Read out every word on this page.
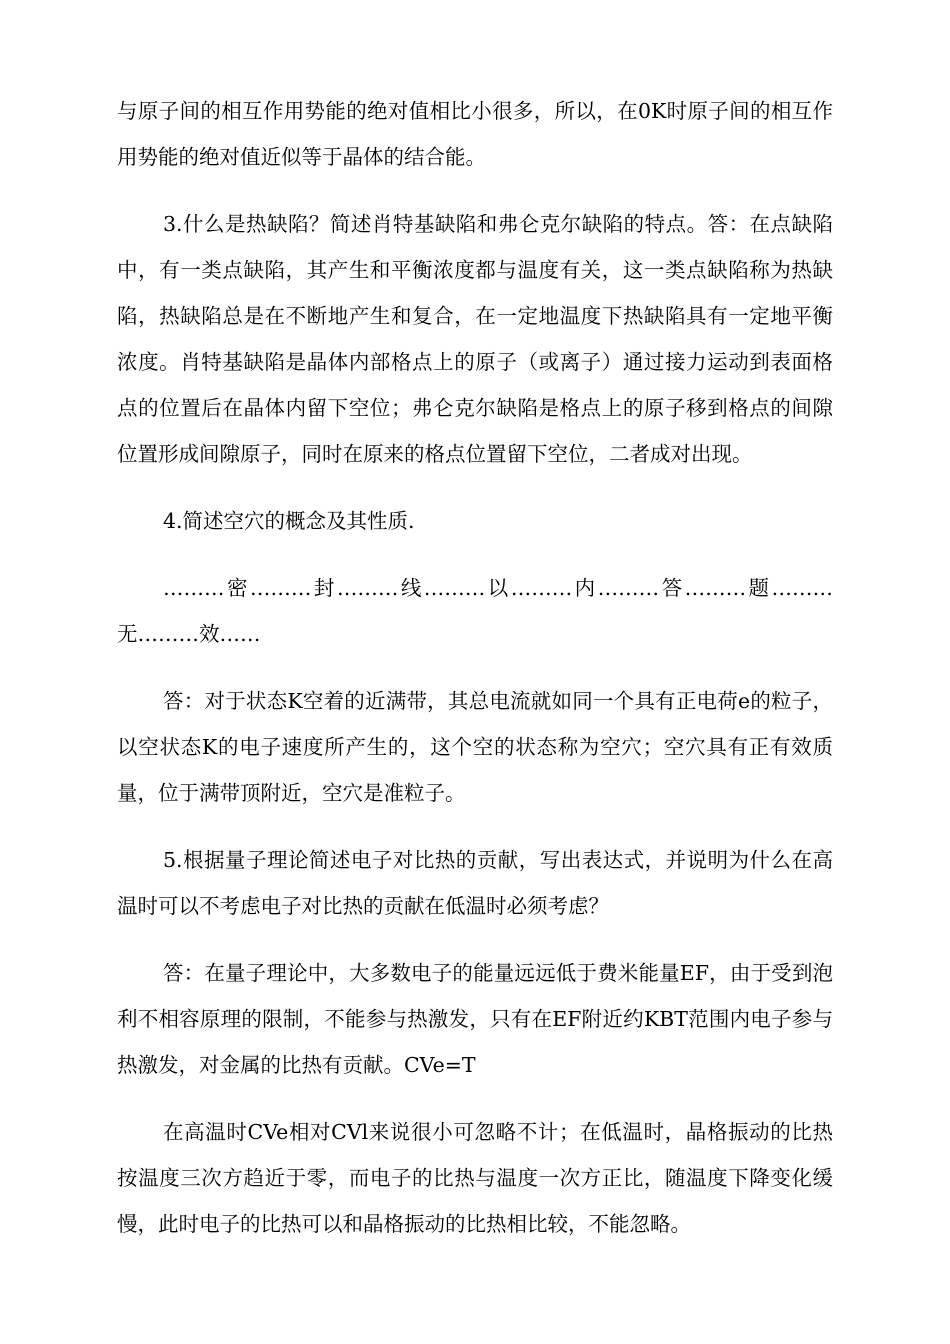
与原子间的相互作用势能的绝对值相比小很多，所以，在0K时原子间的相互作用势能的绝对值近似等于晶体的结合能。

3.什么是热缺陷？简述肖特基缺陷和弗仑克尔缺陷的特点。答：在点缺陷中，有一类点缺陷，其产生和平衡浓度都与温度有关，这一类点缺陷称为热缺陷，热缺陷总是在不断地产生和复合，在一定地温度下热缺陷具有一定地平衡浓度。肖特基缺陷是晶体内部格点上的原子（或离子）通过接力运动到表面格点的位置后在晶体内留下空位；弗仑克尔缺陷是格点上的原子移到格点的间隙位置形成间隙原子，同时在原来的格点位置留下空位，二者成对出现。

4.简述空穴的概念及其性质.

………密………封………线………以………内………答………题………无………效……

答：对于状态K空着的近满带，其总电流就如同一个具有正电荷e的粒子，以空状态K的电子速度所产生的，这个空的状态称为空穴；空穴具有正有效质量，位于满带顶附近，空穴是准粒子。

5.根据量子理论简述电子对比热的贡献，写出表达式，并说明为什么在高温时可以不考虑电子对比热的贡献在低温时必须考虑？

答：在量子理论中，大多数电子的能量远远低于费米能量EF，由于受到泡利不相容原理的限制，不能参与热激发，只有在EF附近约KBT范围内电子参与热激发，对金属的比热有贡献。CVe=T

在高温时CVe相对CVl来说很小可忽略不计；在低温时，晶格振动的比热按温度三次方趋近于零，而电子的比热与温度一次方正比，随温度下降变化缓慢，此时电子的比热可以和晶格振动的比热相比较，不能忽略。
